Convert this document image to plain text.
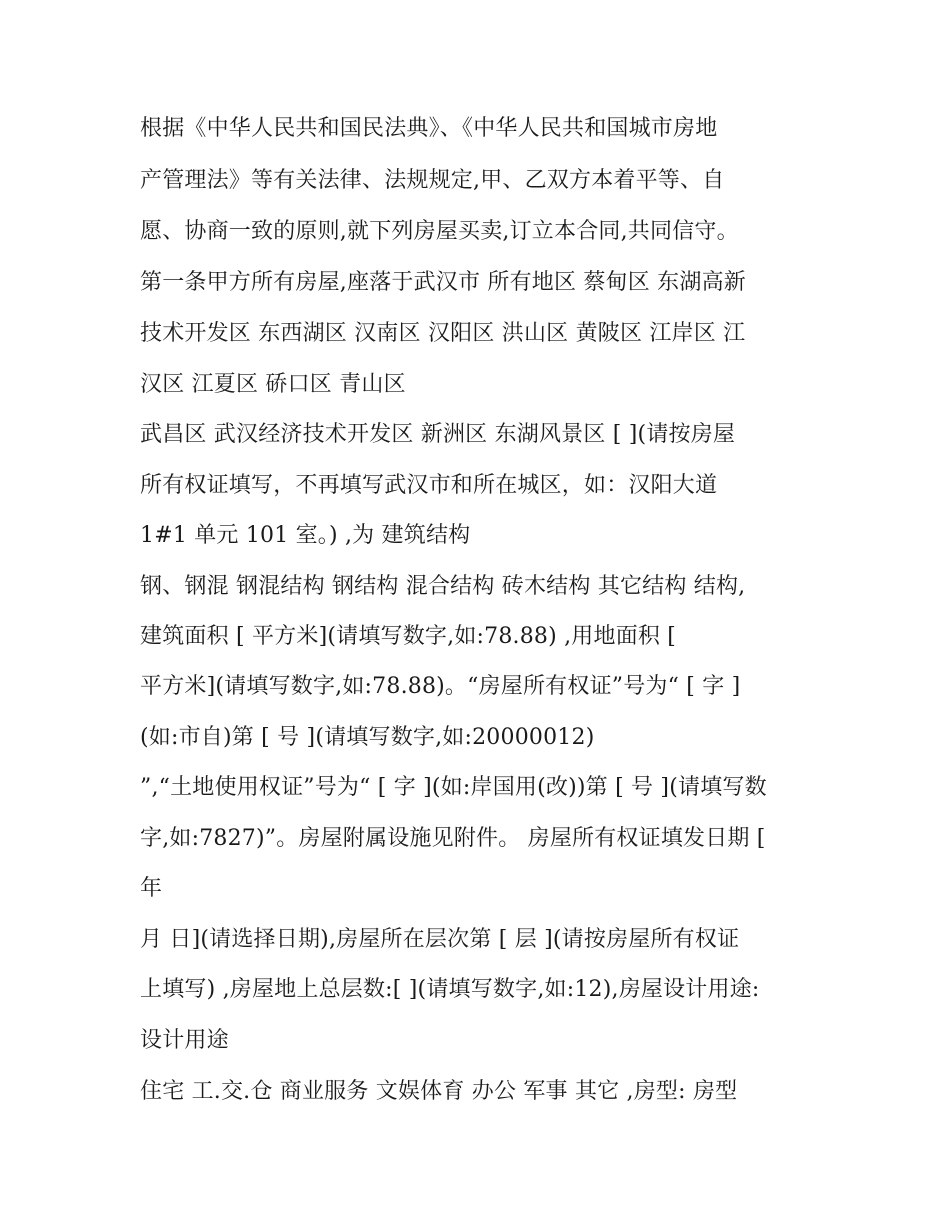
根据《中华人民共和国民法典》、《中华人民共和国城市房地

产管理法》等有关法律、法规规定,甲、乙双方本着平等、自

愿、协商一致的原则,就下列房屋买卖,订立本合同,共同信守。

第一条甲方所有房屋,座落于武汉市 所有地区 蔡甸区 东湖高新

技术开发区 东西湖区 汉南区 汉阳区 洪山区 黄陂区 江岸区 江

汉区 江夏区 硚口区 青山区

武昌区 武汉经济技术开发区 新洲区 东湖风景区 [ ](请按房屋

所有权证填写，不再填写武汉市和所在城区，如：汉阳大道

1#1 单元 101 室。) ,为 建筑结构

钢、钢混 钢混结构 钢结构 混合结构 砖木结构 其它结构 结构,

建筑面积 [ 平方米](请填写数字,如:78.88) ,用地面积 [

平方米](请填写数字,如:78.88)。“房屋所有权证”号为“ [ 字 ]

(如:市自)第 [ 号 ](请填写数字,如:20000012)

”,“土地使用权证”号为“ [ 字 ](如:岸国用(改))第 [ 号 ](请填写数

字,如:7827)”。房屋附属设施见附件。 房屋所有权证填发日期 [

年

月 日](请选择日期),房屋所在层次第 [ 层 ](请按房屋所有权证

上填写) ,房屋地上总层数:[ ](请填写数字,如:12),房屋设计用途:

设计用途

住宅 工.交.仓 商业服务 文娱体育 办公 军事 其它 ,房型: 房型
